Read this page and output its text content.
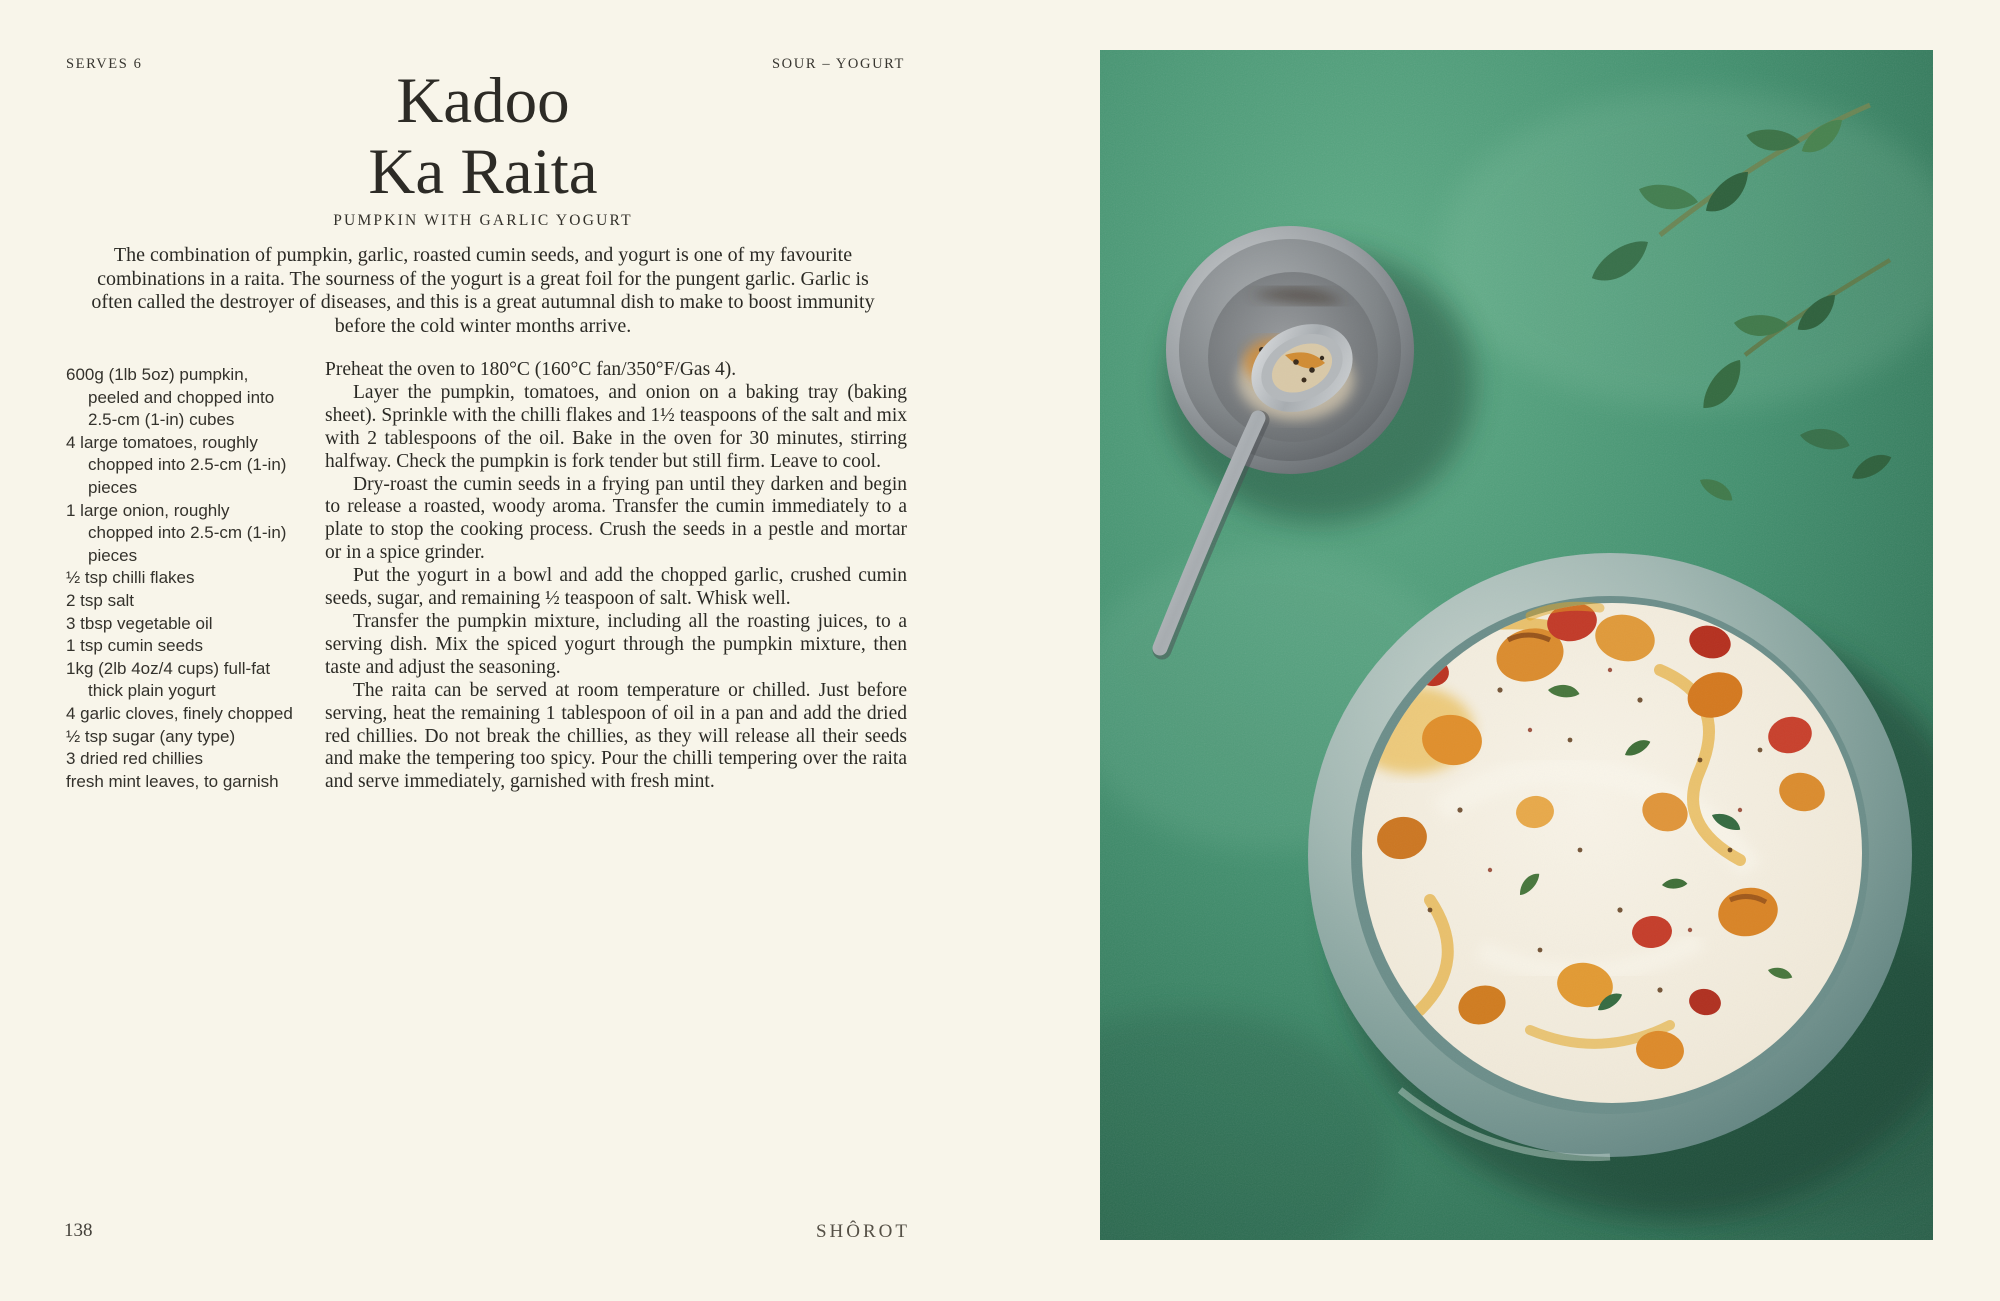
SERVES 6	SOUR – YOGURT
Kadoo
Ka Raita
PUMPKIN WITH GARLIC YOGURT
The combination of pumpkin, garlic, roasted cumin seeds, and yogurt is one of my favourite combinations in a raita. The sourness of the yogurt is a great foil for the pungent garlic. Garlic is often called the destroyer of diseases, and this is a great autumnal dish to make to boost immunity before the cold winter months arrive.
600g (1lb 5oz) pumpkin, peeled and chopped into 2.5-cm (1-in) cubes
4 large tomatoes, roughly chopped into 2.5-cm (1-in) pieces
1 large onion, roughly chopped into 2.5-cm (1-in) pieces
½ tsp chilli flakes
2 tsp salt
3 tbsp vegetable oil
1 tsp cumin seeds
1kg (2lb 4oz/4 cups) full-fat thick plain yogurt
4 garlic cloves, finely chopped
½ tsp sugar (any type)
3 dried red chillies
fresh mint leaves, to garnish

Preheat the oven to 180°C (160°C fan/350°F/Gas 4).

Layer the pumpkin, tomatoes, and onion on a baking tray (baking sheet). Sprinkle with the chilli flakes and 1½ teaspoons of the salt and mix with 2 tablespoons of the oil. Bake in the oven for 30 minutes, stirring halfway. Check the pumpkin is fork tender but still firm. Leave to cool.

Dry-roast the cumin seeds in a frying pan until they darken and begin to release a roasted, woody aroma. Transfer the cumin immediately to a plate to stop the cooking process. Crush the seeds in a pestle and mortar or in a spice grinder.

Put the yogurt in a bowl and add the chopped garlic, crushed cumin seeds, sugar, and remaining ½ teaspoon of salt. Whisk well.

Transfer the pumpkin mixture, including all the roasting juices, to a serving dish. Mix the spiced yogurt through the pumpkin mixture, then taste and adjust the seasoning.

The raita can be served at room temperature or chilled. Just before serving, heat the remaining 1 tablespoon of oil in a pan and add the dried red chillies. Do not break the chillies, as they will release all their seeds and make the tempering too spicy. Pour the chilli tempering over the raita and serve immediately, garnished with fresh mint.

138	SHÔROT
